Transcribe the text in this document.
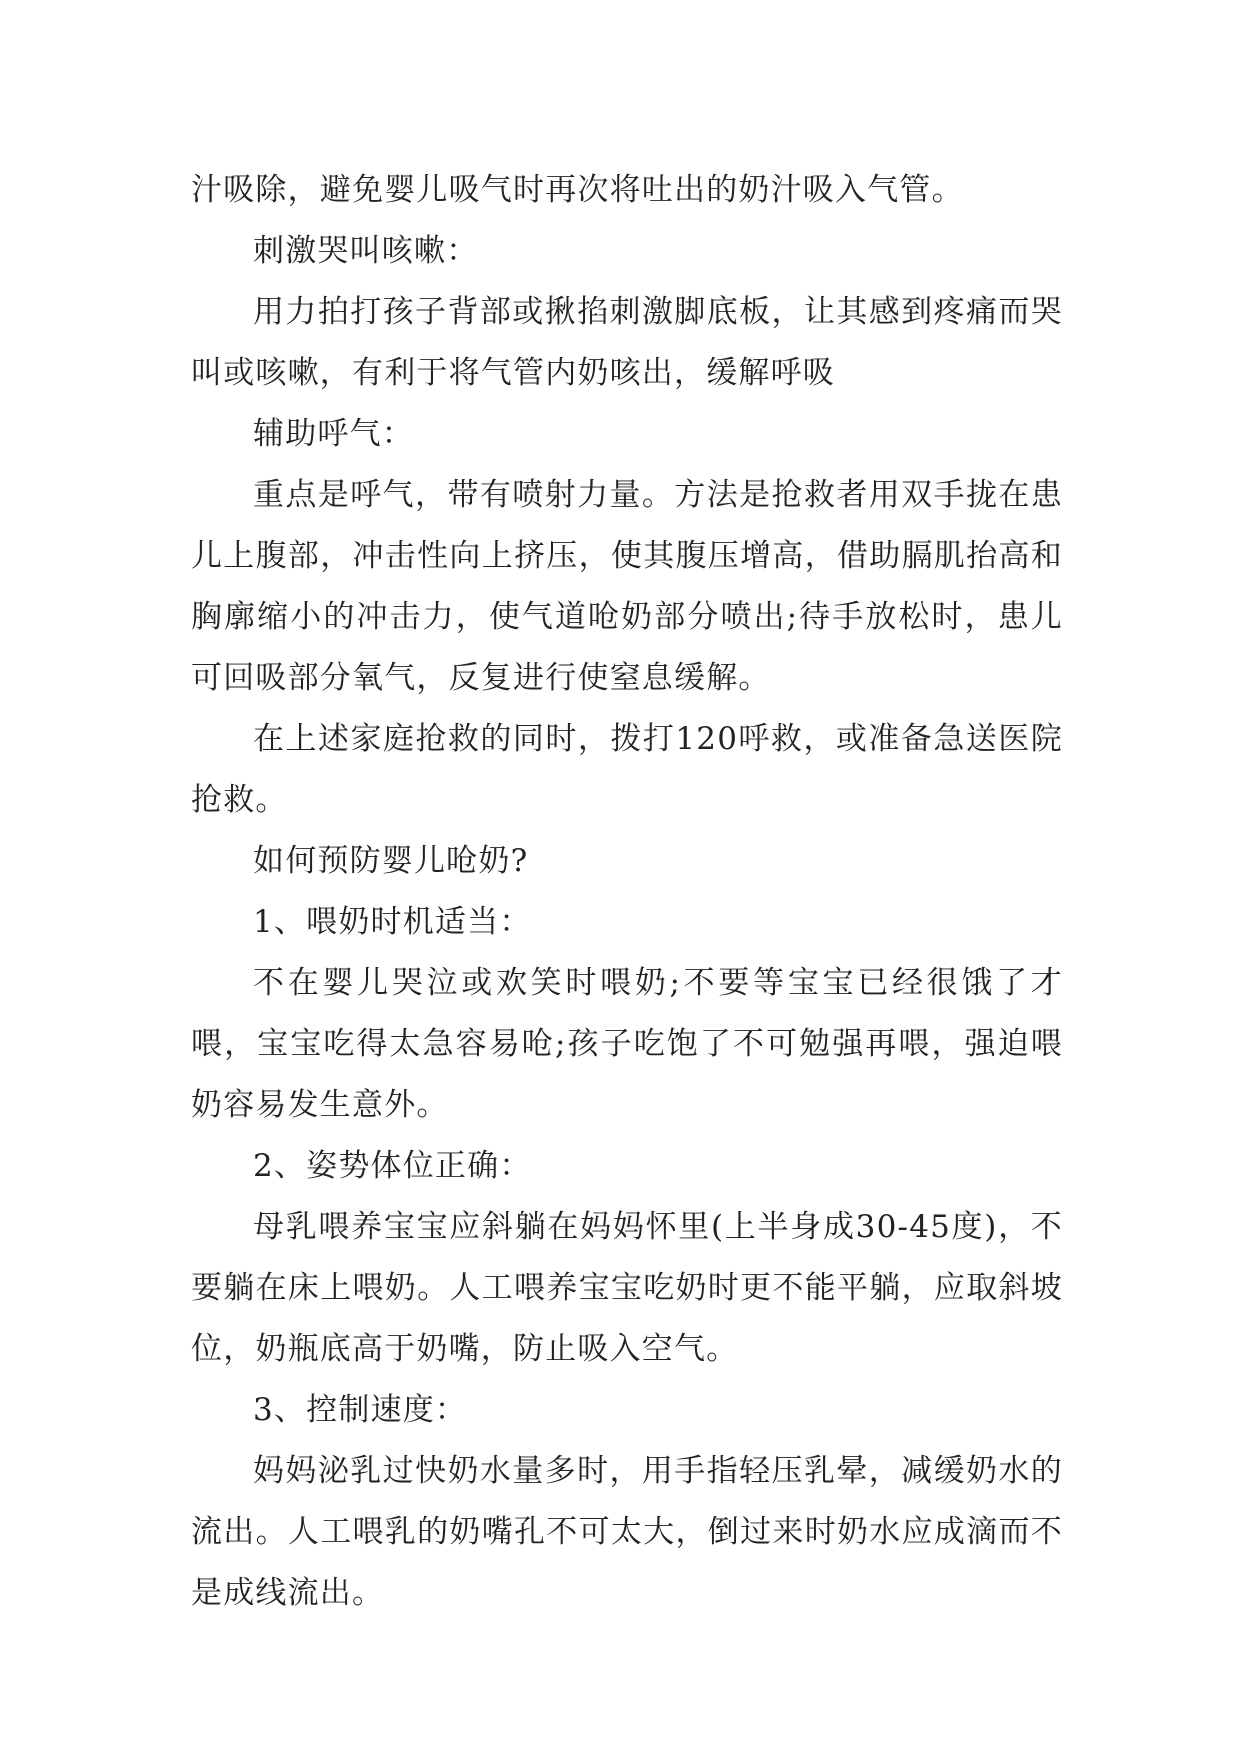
汁吸除，避免婴儿吸气时再次将吐出的奶汁吸入气管。

刺激哭叫咳嗽：

用力拍打孩子背部或揪掐刺激脚底板，让其感到疼痛而哭叫或咳嗽，有利于将气管内奶咳出，缓解呼吸

辅助呼气：

重点是呼气，带有喷射力量。方法是抢救者用双手拢在患儿上腹部，冲击性向上挤压，使其腹压增高，借助膈肌抬高和胸廓缩小的冲击力，使气道呛奶部分喷出;待手放松时，患儿可回吸部分氧气，反复进行使窒息缓解。

在上述家庭抢救的同时，拨打120呼救，或准备急送医院抢救。

如何预防婴儿呛奶?

1、喂奶时机适当：

不在婴儿哭泣或欢笑时喂奶;不要等宝宝已经很饿了才喂，宝宝吃得太急容易呛;孩子吃饱了不可勉强再喂，强迫喂奶容易发生意外。

2、姿势体位正确：

母乳喂养宝宝应斜躺在妈妈怀里(上半身成30-45度)，不要躺在床上喂奶。人工喂养宝宝吃奶时更不能平躺，应取斜坡位，奶瓶底高于奶嘴，防止吸入空气。

3、控制速度：

妈妈泌乳过快奶水量多时，用手指轻压乳晕，减缓奶水的流出。人工喂乳的奶嘴孔不可太大，倒过来时奶水应成滴而不是成线流出。
